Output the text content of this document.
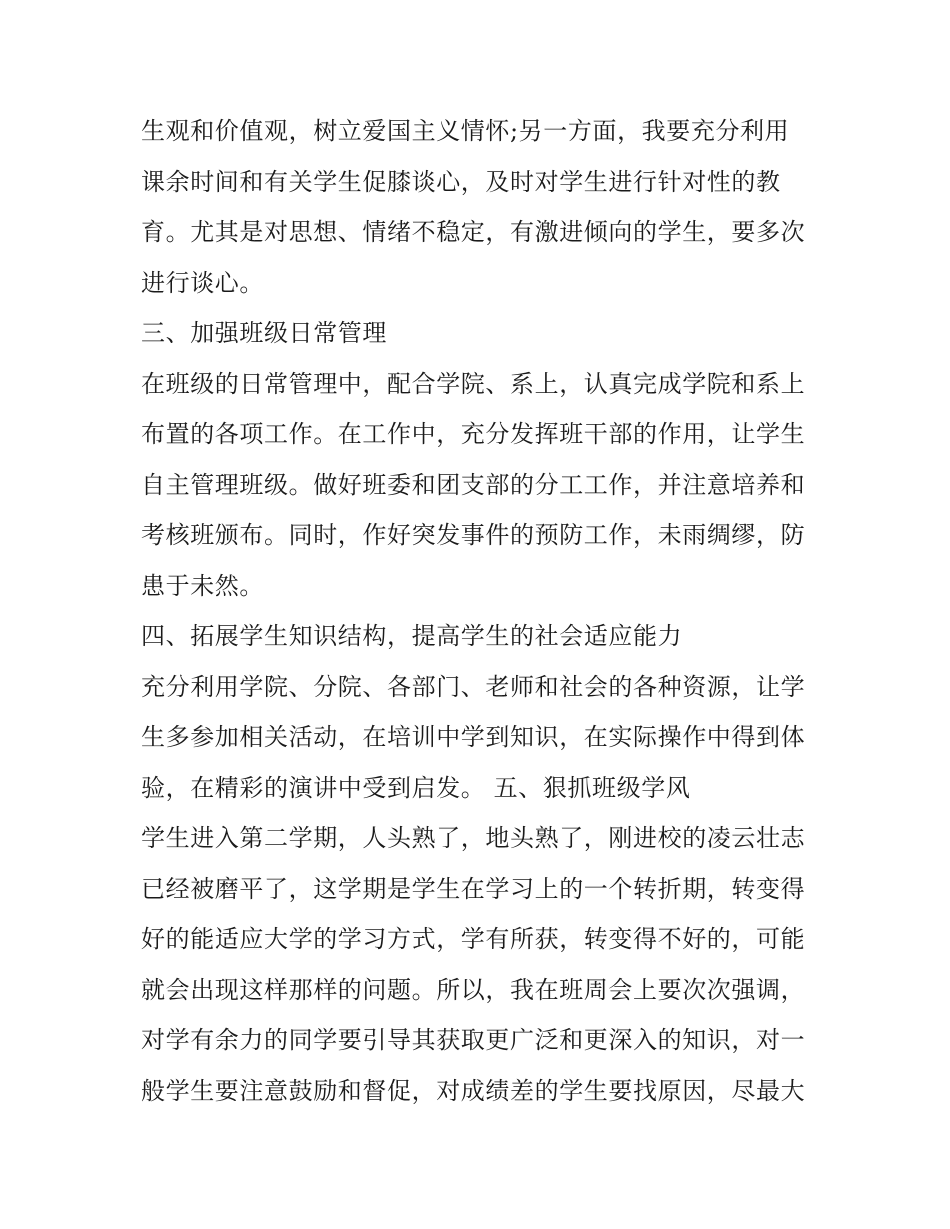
生观和价值观，树立爱国主义情怀;另一方面，我要充分利用
课余时间和有关学生促膝谈心，及时对学生进行针对性的教
育。尤其是对思想、情绪不稳定，有激进倾向的学生，要多次
进行谈心。
三、加强班级日常管理
在班级的日常管理中，配合学院、系上，认真完成学院和系上
布置的各项工作。在工作中，充分发挥班干部的作用，让学生
自主管理班级。做好班委和团支部的分工工作，并注意培养和
考核班颁布。同时，作好突发事件的预防工作，未雨绸缪，防
患于未然。
四、拓展学生知识结构，提高学生的社会适应能力
充分利用学院、分院、各部门、老师和社会的各种资源，让学
生多参加相关活动，在培训中学到知识，在实际操作中得到体
验，在精彩的演讲中受到启发。 五、狠抓班级学风
学生进入第二学期，人头熟了，地头熟了，刚进校的凌云壮志
已经被磨平了，这学期是学生在学习上的一个转折期，转变得
好的能适应大学的学习方式，学有所获，转变得不好的，可能
就会出现这样那样的问题。所以，我在班周会上要次次强调，
对学有余力的同学要引导其获取更广泛和更深入的知识，对一
般学生要注意鼓励和督促，对成绩差的学生要找原因，尽最大
